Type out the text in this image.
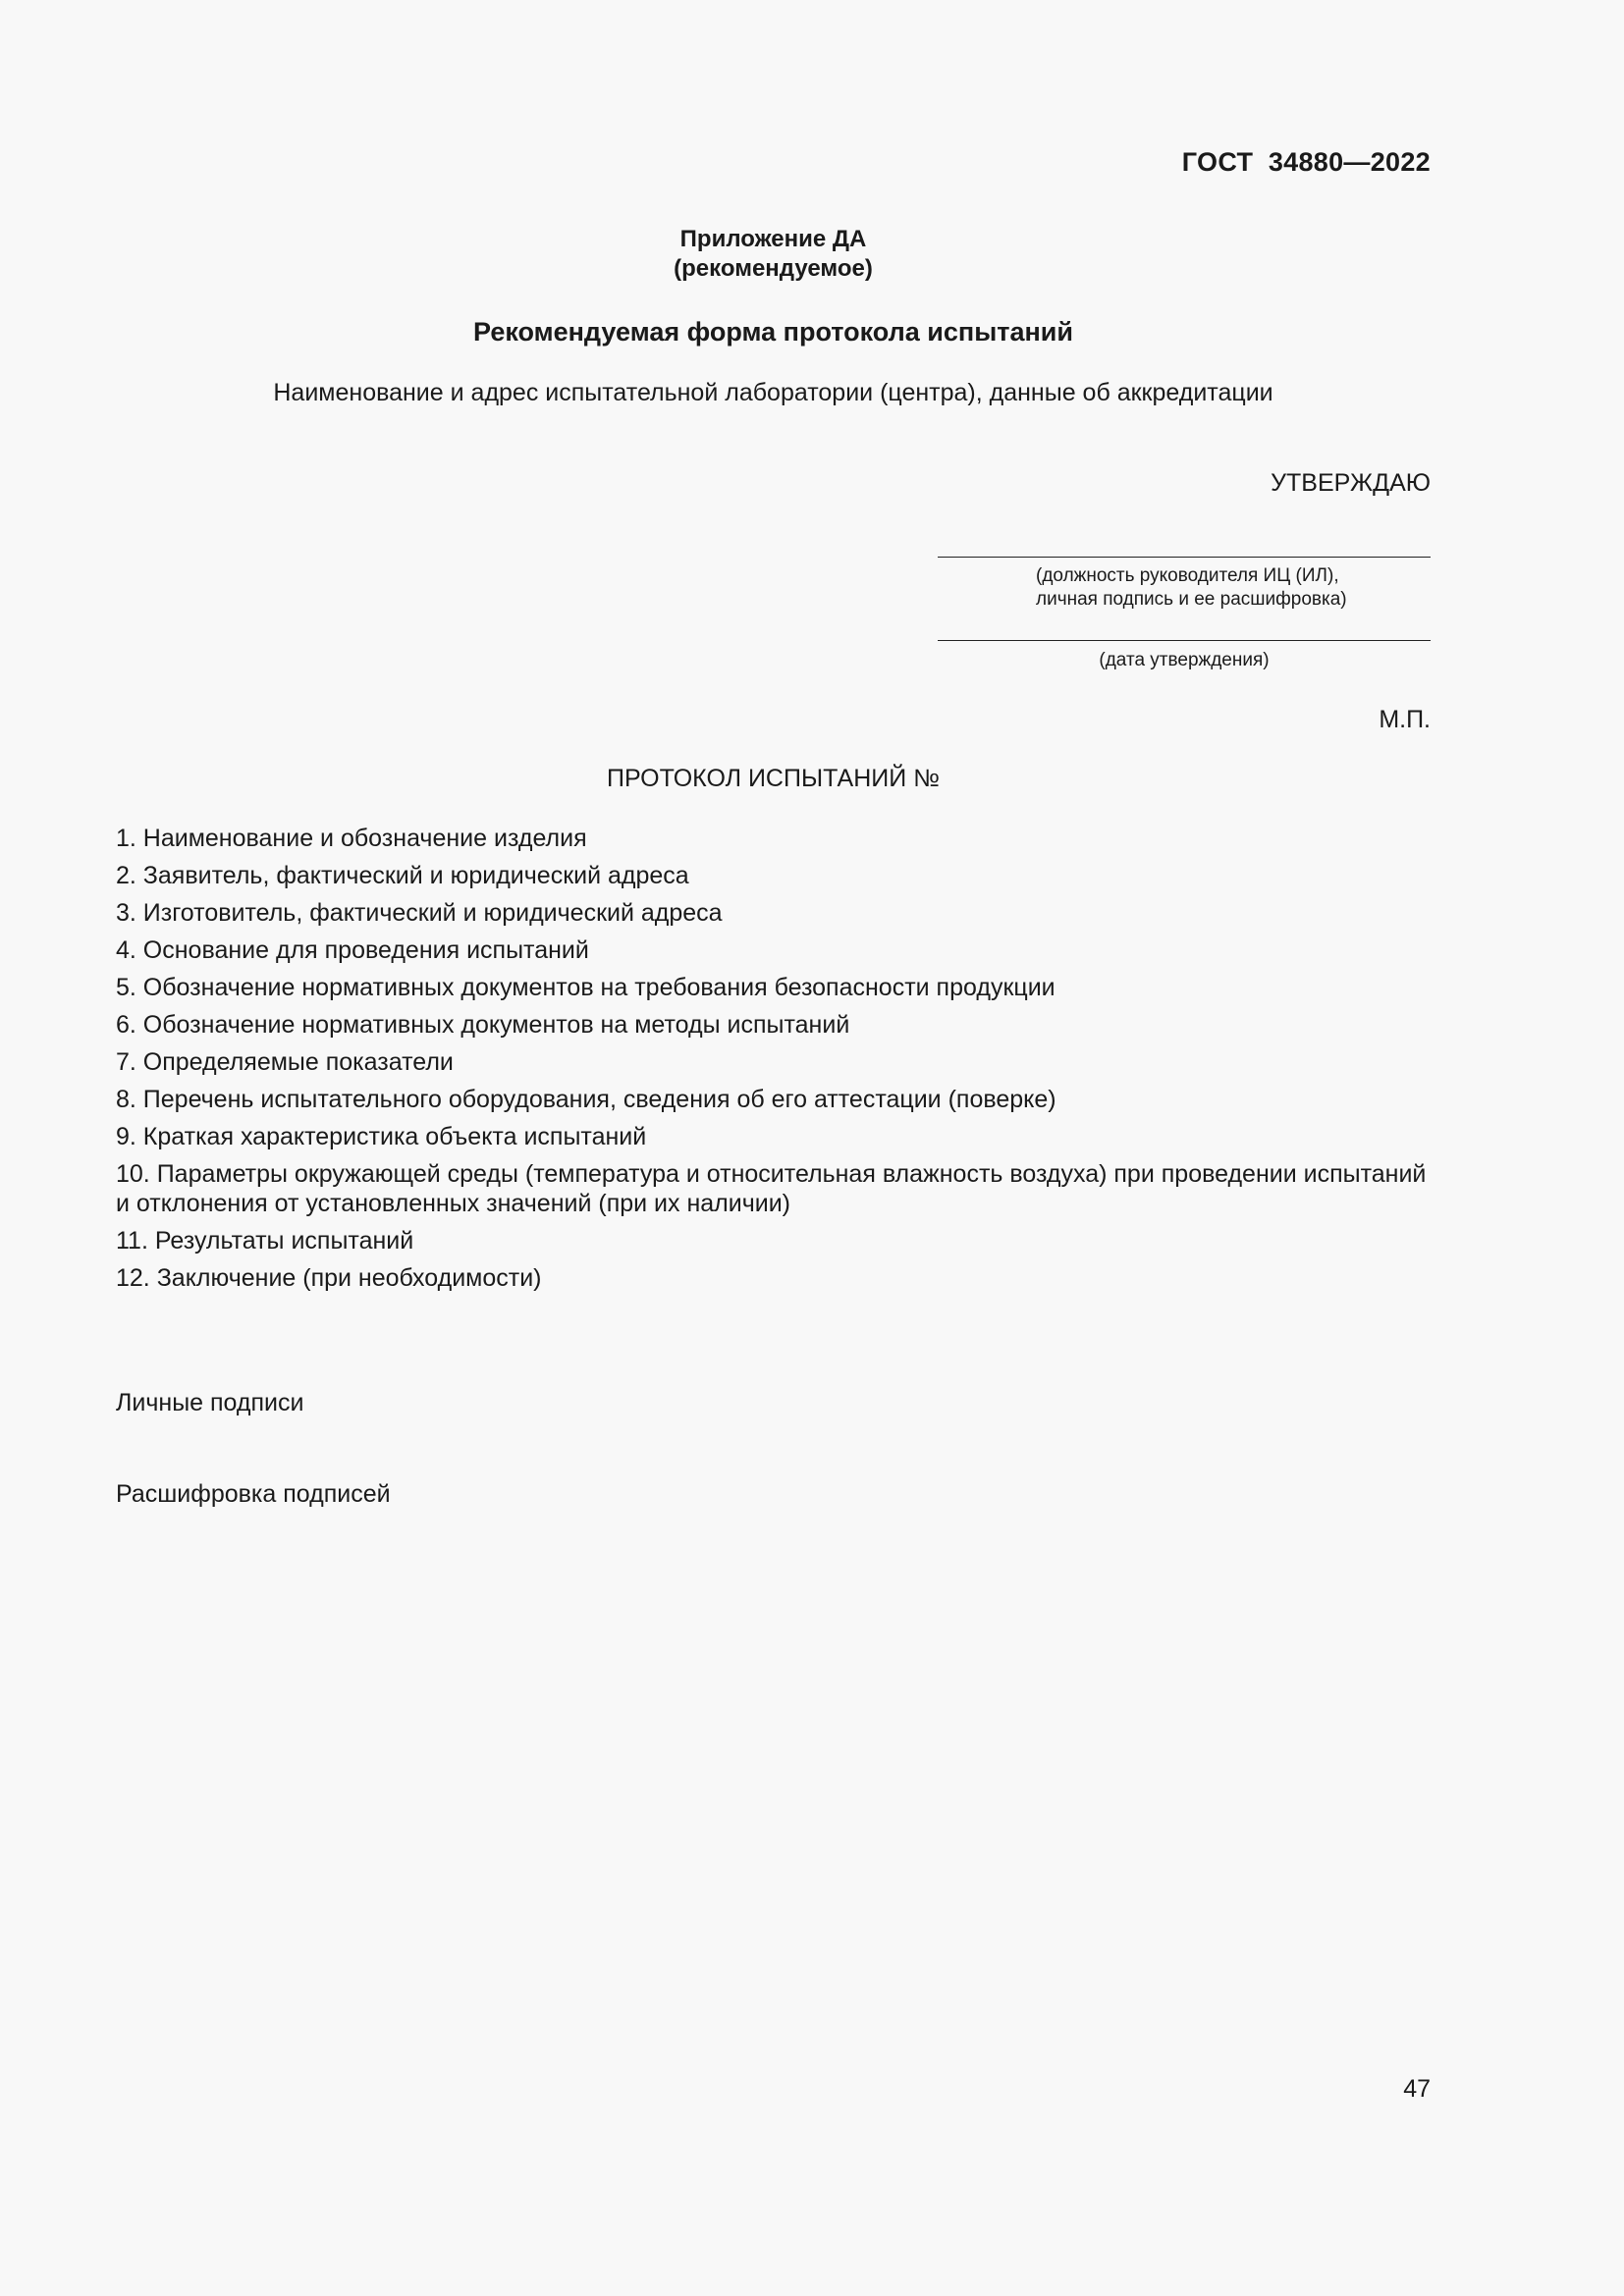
ГОСТ  34880—2022
Приложение ДА
(рекомендуемое)
Рекомендуемая форма протокола испытаний
Наименование и адрес испытательной лаборатории (центра), данные об аккредитации
УТВЕРЖДАЮ
(должность руководителя ИЦ (ИЛ),
личная подпись и ее расшифровка)
(дата утверждения)
М.П.
ПРОТОКОЛ ИСПЫТАНИЙ №
1. Наименование и обозначение изделия
2. Заявитель, фактический и юридический адреса
3. Изготовитель, фактический и юридический адреса
4. Основание для проведения испытаний
5. Обозначение нормативных документов на требования безопасности продукции
6. Обозначение нормативных документов на методы испытаний
7. Определяемые показатели
8. Перечень испытательного оборудования, сведения об его аттестации (поверке)
9. Краткая характеристика объекта испытаний
10. Параметры окружающей среды (температура и относительная влажность воздуха) при проведении испытаний и отклонения от установленных значений (при их наличии)
11. Результаты испытаний
12. Заключение (при необходимости)
Личные подписи
Расшифровка подписей
47
